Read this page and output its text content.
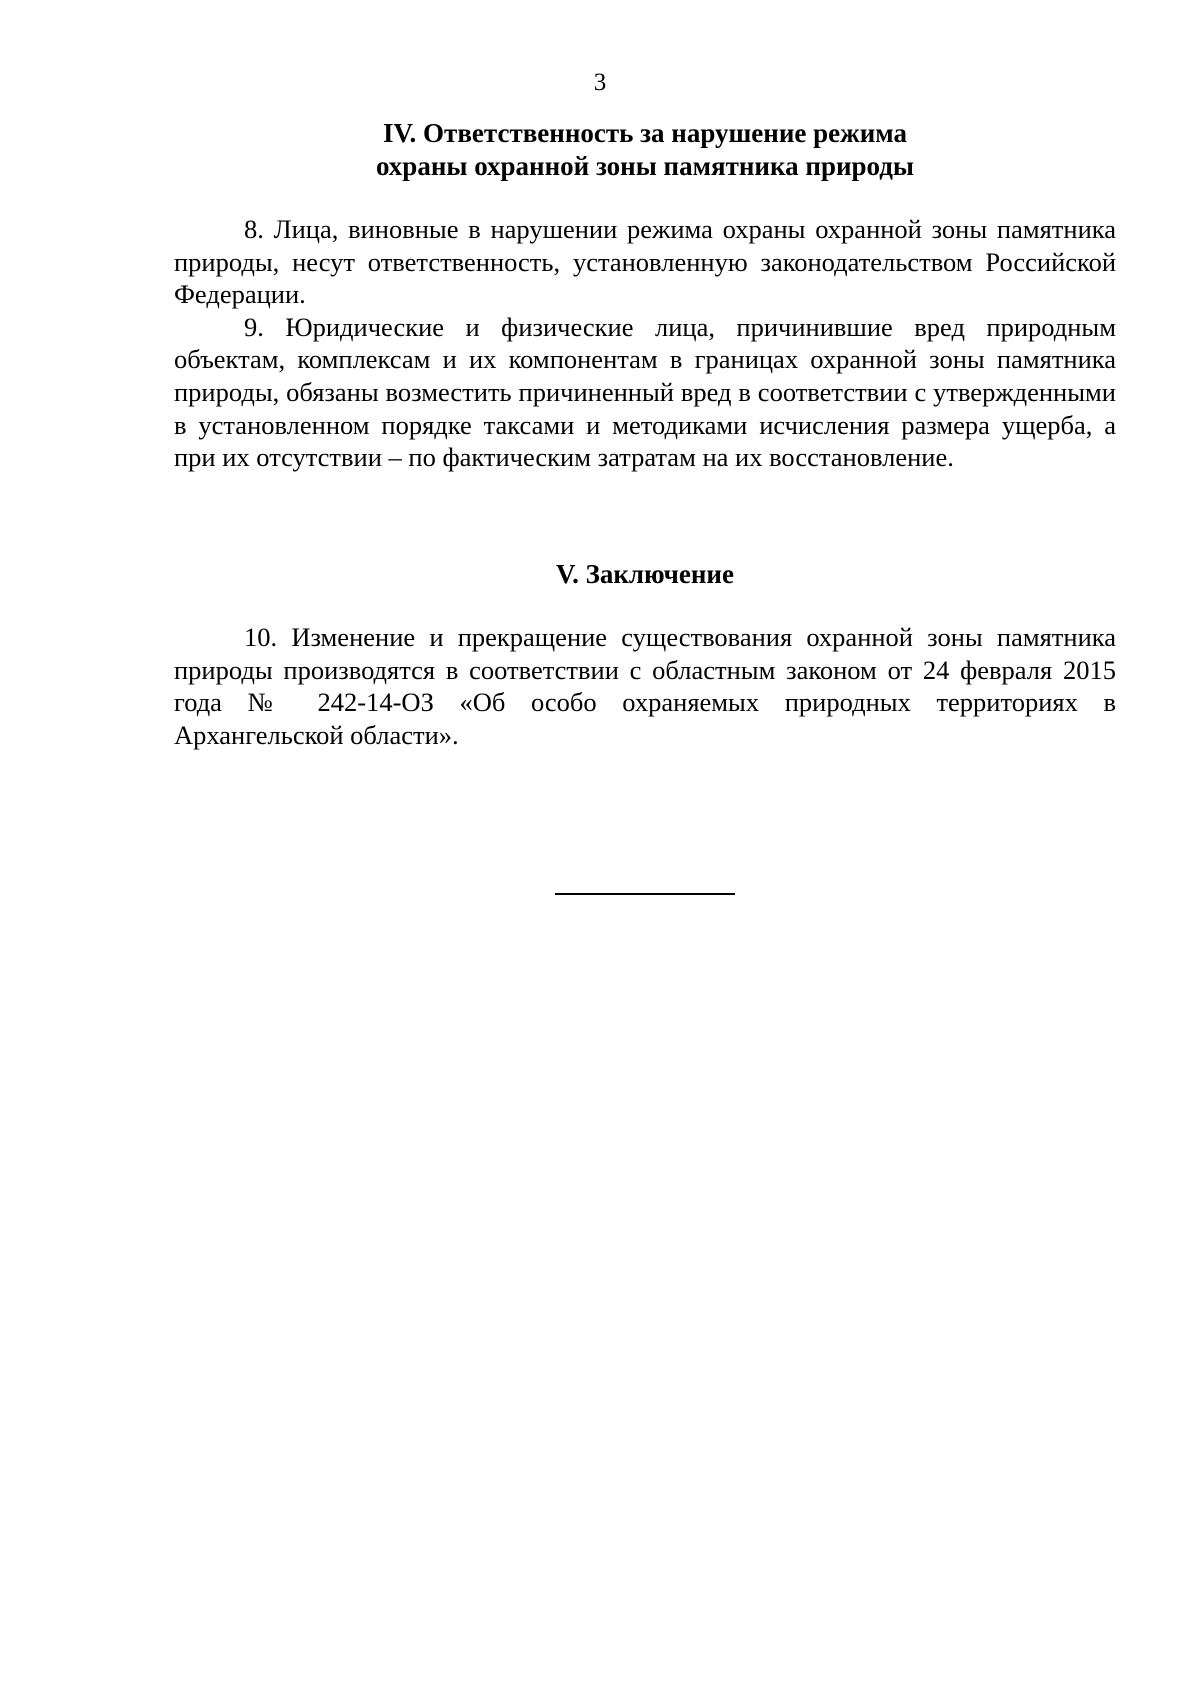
3
IV. Ответственность за нарушение режима
охраны охранной зоны памятника природы

8. Лица, виновные в нарушении режима охраны охранной зоны памятника природы, несут ответственность, установленную законодательством Российской Федерации.

9. Юридические и физические лица, причинившие вред природным объектам, комплексам и их компонентам в границах охранной зоны памятника природы, обязаны возместить причиненный вред в соответствии с утвержденными в установленном порядке таксами и методиками исчисления размера ущерба, а при их отсутствии – по фактическим затратам на их восстановление.

V. Заключение

10. Изменение и прекращение существования охранной зоны памятника природы производятся в соответствии с областным законом от 24 февраля 2015 года № 242-14-ОЗ «Об особо охраняемых природных территориях в Архангельской области».
